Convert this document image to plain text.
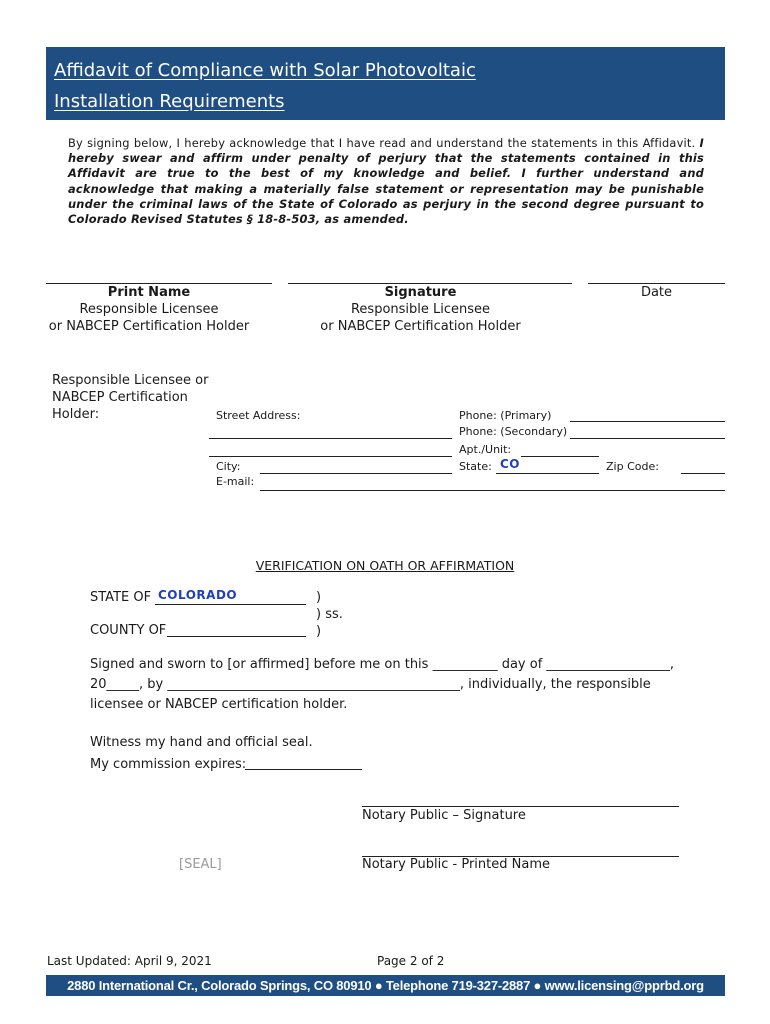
Affidavit of Compliance with Solar Photovoltaic
Installation Requirements
By signing below, I hereby acknowledge that I have read and understand the statements in this Affidavit. I hereby swear and affirm under penalty of perjury that the statements contained in this Affidavit are true to the best of my knowledge and belief. I further understand and acknowledge that making a materially false statement or representation may be punishable under the criminal laws of the State of Colorado as perjury in the second degree pursuant to Colorado Revised Statutes § 18-8-503, as amended.
Print Name
Responsible Licensee
or NABCEP Certification Holder
Signature
Responsible Licensee
or NABCEP Certification Holder
Date
Responsible Licensee or
NABCEP Certification
Holder:	Street Address:	Phone: (Primary)
Phone: (Secondary)
Apt./Unit:
City:	State: CO	Zip Code:
E-mail:
VERIFICATION ON OATH OR AFFIRMATION
STATE OF COLORADO	)
) ss.
)
COUNTY OF
Signed and sworn to [or affirmed] before me on this __________ day of ___________________,
20_____, by _____________________________________________, individually, the responsible
licensee or NABCEP certification holder.
Witness my hand and official seal.
My commission expires:
Notary Public – Signature
[SEAL]	Notary Public - Printed Name
Last Updated: April 9, 2021	Page 2 of 2
2880 International Cr., Colorado Springs, CO 80910 ● Telephone 719-327-2887 ● www.licensing@pprbd.org
